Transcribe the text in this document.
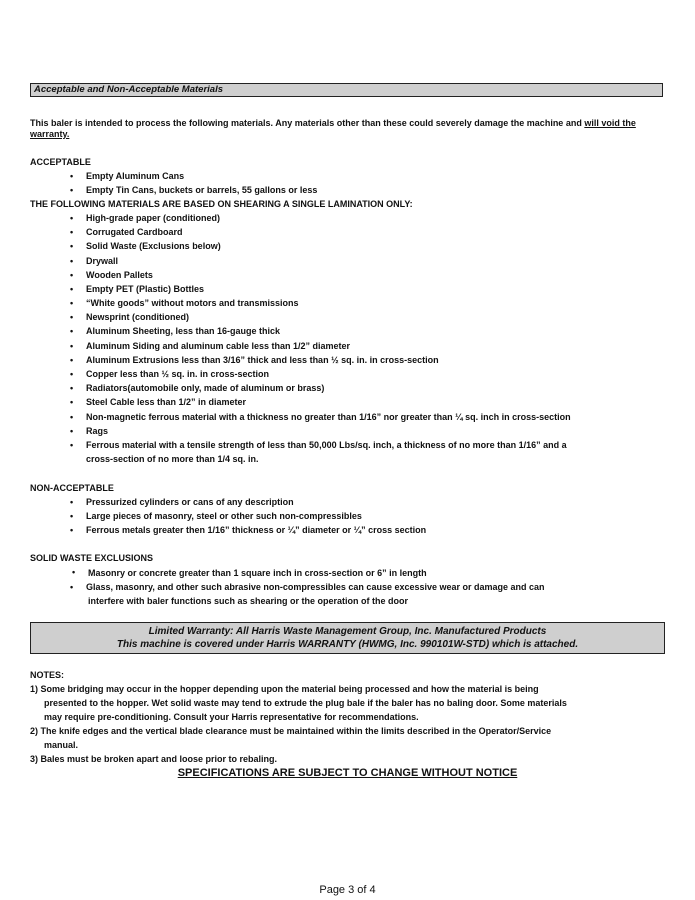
Acceptable and Non-Acceptable Materials
This baler is intended to process the following materials. Any materials other than these could severely damage the machine and will void the
warranty.
ACCEPTABLE
• Empty Aluminum Cans
• Empty Tin Cans, buckets or barrels, 55 gallons or less
THE FOLLOWING MATERIALS ARE BASED ON SHEARING A SINGLE LAMINATION ONLY:
• High-grade paper (conditioned)
• Corrugated Cardboard
• Solid Waste (Exclusions below)
• Drywall
• Wooden Pallets
• Empty PET (Plastic) Bottles
• “White goods” without motors and transmissions
• Newsprint (conditioned)
• Aluminum Sheeting, less than 16-gauge thick
• Aluminum Siding and aluminum cable less than 1/2” diameter
• Aluminum Extrusions less than 3/16” thick and less than ½ sq. in. in cross-section
• Copper less than ½ sq. in. in cross-section
• Radiators(automobile only, made of aluminum or brass)
• Steel Cable less than 1/2” in diameter
• Non-magnetic ferrous material with a thickness no greater than 1/16” nor greater than ¼ sq. inch in cross-section
• Rags
• Ferrous material with a tensile strength of less than 50,000 Lbs/sq. inch, a thickness of no more than 1/16” and a
cross-section of no more than 1/4 sq. in.
NON-ACCEPTABLE
• Pressurized cylinders or cans of any description
• Large pieces of masonry, steel or other such non-compressibles
• Ferrous metals greater then 1/16” thickness or ¼” diameter or ¼” cross section
SOLID WASTE EXCLUSIONS
• Masonry or concrete greater than 1 square inch in cross-section or 6” in length
• Glass, masonry, and other such abrasive non-compressibles can cause excessive wear or damage and can
interfere with baler functions such as shearing or the operation of the door
Limited Warranty: All Harris Waste Management Group, Inc. Manufactured Products
This machine is covered under Harris WARRANTY (HWMG, Inc. 990101W-STD) which is attached.
NOTES:
1) Some bridging may occur in the hopper depending upon the material being processed and how the material is being
presented to the hopper. Wet solid waste may tend to extrude the plug bale if the baler has no baling door. Some materials
may require pre-conditioning. Consult your Harris representative for recommendations.
2) The knife edges and the vertical blade clearance must be maintained within the limits described in the Operator/Service
manual.
3) Bales must be broken apart and loose prior to rebaling.
SPECIFICATIONS ARE SUBJECT TO CHANGE WITHOUT NOTICE
Page 3 of 4
